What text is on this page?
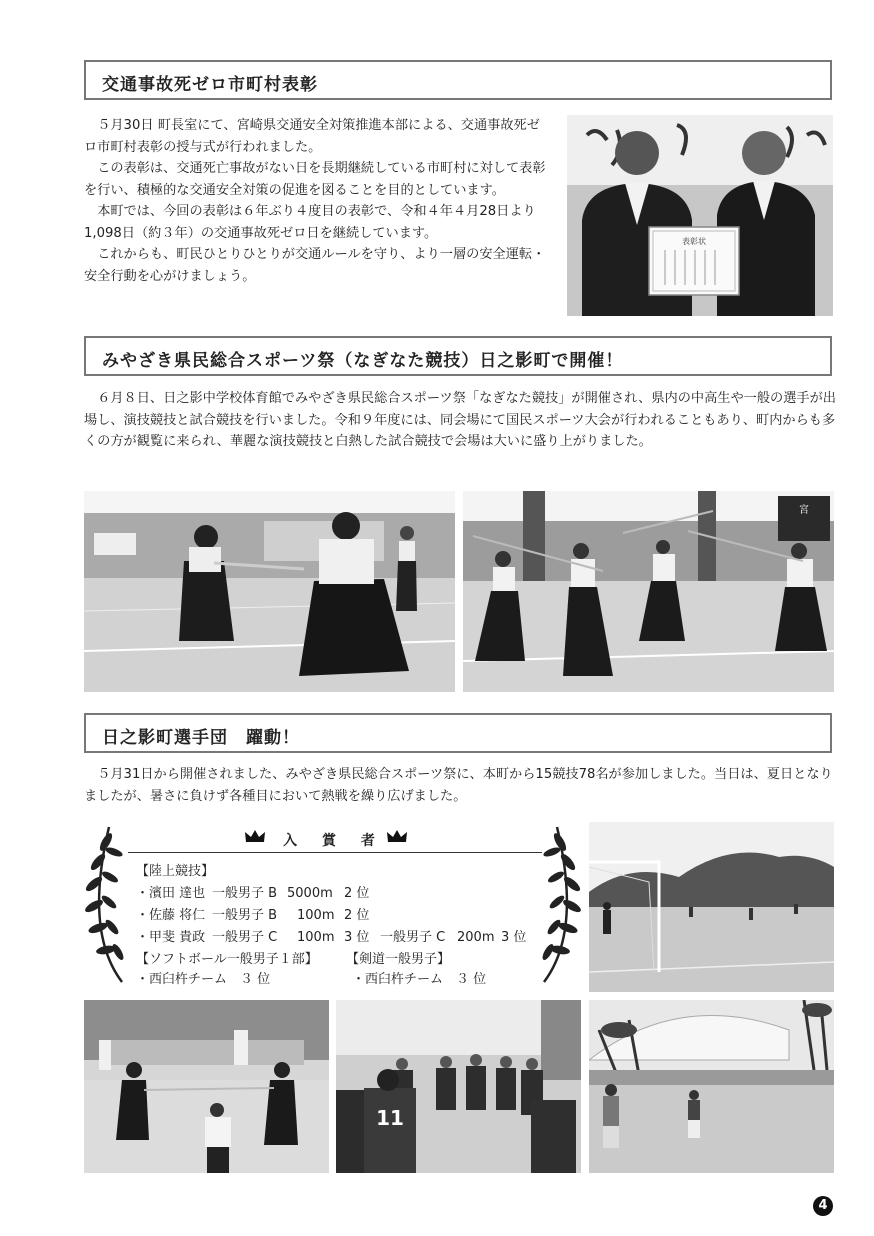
交通事故死ゼロ市町村表彰

５月30日 町長室にて、宮崎県交通安全対策推進本部による、交通事故死ゼロ市町村表彰の授与式が行われました。

この表彰は、交通死亡事故がない日を長期継続している市町村に対して表彰を行い、積極的な交通安全対策の促進を図ることを目的としています。

本町では、今回の表彰は６年ぶり４度目の表彰で、令和４年４月28日より1,098日（約３年）の交通事故死ゼロ日を継続しています。

これからも、町民ひとりひとりが交通ルールを守り、より一層の安全運転・安全行動を心がけましょう。

表彰状
みやざき県民総合スポーツ祭（なぎなた競技）日之影町で開催！

６月８日、日之影中学校体育館でみやざき県民総合スポーツ祭「なぎなた競技」が開催され、県内の中高生や一般の選手が出場し、演技競技と試合競技を行いました。令和９年度には、同会場にて国民スポーツ大会が行われることもあり、町内からも多くの方が観覧に来られ、華麗な演技競技と白熱した試合競技で会場は大いに盛り上がりました。

宮
日之影町選手団　躍動！

５月31日から開催されました、みやざき県民総合スポーツ祭に、本町から15競技78名が参加しました。当日は、夏日となりましたが、暑さに負けず各種目において熱戦を繰り広げました。

入 賞 者
【陸上競技】
・濱田 達也 一般男子 B 5000m 2 位
・佐藤 将仁 一般男子 B 100m 2 位
・甲斐 貴政 一般男子 C 100m 3 位 一般男子 C 200m 3 位
【ソフトボール一般男子１部】 【剣道一般男子】
・西臼杵チーム　３ 位	・西臼杵チーム　３ 位
11
4
